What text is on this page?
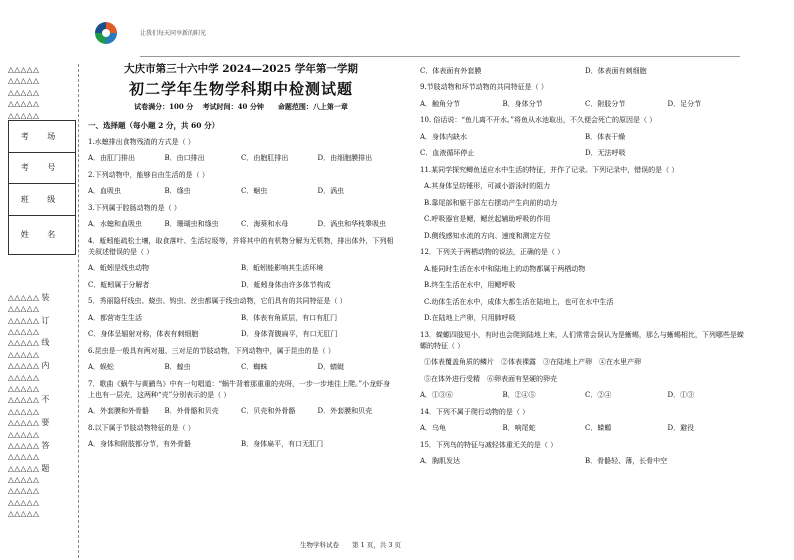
让我们每天同享新的阳光
△△△△△
△△△△△
△△△△△
△△△△△
△△△△△
△△△△△ 装
△△△△△
△△△△△ 订
△△△△△
△△△△△ 线
△△△△△
△△△△△ 内
△△△△△
△△△△△
△△△△△ 不
△△△△△
△△△△△ 要
△△△△△
△△△△△ 答
△△△△△
△△△△△ 题
△△△△△
△△△△△
△△△△△
△△△△△
考 场
考 号
班 级
姓 名
大庆市第三十六中学 2024—2025 学年第一学期
初二学年生物学科期中检测试题
试卷满分：100 分　 考试时间：40 分钟　　命题范围：八上第一章
一、选择题（每小题 2 分，共 60 分）
1.水螅排出食物残渣的方式是（ ）
A．由肛门排出	B．由口排出	C．由胞肛排出	D．由细胞膜排出
2.下列动物中，能够自由生活的是（ ）
A．血吸虫	B．绦虫	C．蛔虫	D．涡虫
3.下列属于腔肠动物的是（ ）
A．水螅和血吸虫	B．珊瑚虫和绦虫	C．海葵和水母	D．涡虫和华枝睾吸虫
4．蚯蚓能疏松土壤，取食落叶、生活垃圾等，并将其中的有机物分解为无机物，排出体外，下列相关叙述错误的是（ ）
A．蚯蚓是线虫动物	B．蚯蚓能影响其生活环境
C．蚯蚓属于分解者	D．蚯蚓身体由许多体节构成
5．秀丽隐杆线虫、蛲虫、钩虫、丝虫都属于线虫动物，它们具有的共同特征是（ ）
A．都营寄生生活	B．体表有角质层，有口有肛门
C．身体呈辐射对称，体表有刺细胞	D．身体背腹扁平，有口无肛门
6.昆虫是一般具有两对翅、三对足的节肢动物，下列动物中，属于昆虫的是（ ）
A．蜈蚣	B．蝗虫	C．蜘蛛	D．蜻蜓
7．歌曲《蜗牛与黄鹂鸟》中有一句唱道：“蜗牛背着那重重的壳呀，一步一步地往上爬。”小龙虾身上也有一层壳，这两种“壳”分别表示的是（ ）
A．外套膜和外骨骼	B．外骨骼和贝壳	C．贝壳和外骨骼	D．外套膜和贝壳
8.以下属于节肢动物特征的是（ ）
A．身体和附肢都分节，有外骨骼	B．身体扁平，有口无肛门
C．体表面有外套膜	D．体表面有刺细胞
9.节肢动物和环节动物的共同特征是（ ）
A．触角分节	B．身体分节	C．附肢分节	D．足分节
10. 俗话说：“鱼儿离不开水。”将鱼从水池取出，不久便会死亡的原因是（ ）
A．身体内缺水	B．体表干燥
C．血液循环停止	D．无法呼吸
11.某同学探究鲫鱼适应水中生活的特征，并作了记录。下列记录中，错误的是（ ）
A.其身体呈纺锤形，可减小游泳时的阻力
B.靠尾部和躯干部左右摆动产生向前的动力
C.呼吸器官是鳃，鳃丝起辅助呼吸的作用
D.侧线感知水流的方向、速度和测定方位
12．下列关于两栖动物的说法，正确的是（ ）
A.能同时生活在水中和陆地上的动物都属于两栖动物
B.终生生活在水中，用鳃呼吸
C.幼体生活在水中，成体大都生活在陆地上，也可在水中生活
D.在陆地上产卵，只用肺呼吸
13．蝾螈四肢短小，有时也会爬到陆地上来，人们常常会误认为是蜥蜴，那么与蜥蜴相比，下列哪些是蝾螈的特征（ ）
①体表覆盖角质的鳞片　②体表裸露　③在陆地上产卵　④在水里产卵
⑤在体外进行受精　⑥卵表面有坚硬的卵壳
A．①③⑥	B．②④⑤	C．②④	D．①③
14．下列不属于爬行动物的是（ ）
A．乌龟	B．响尾蛇	C．蝾螈	D．避役
15．下列鸟的特征与减轻体重无关的是（ ）
A．胸肌发达	B．骨骼轻、薄，长骨中空
生物学科试卷　　第 1 页，共 3 页
